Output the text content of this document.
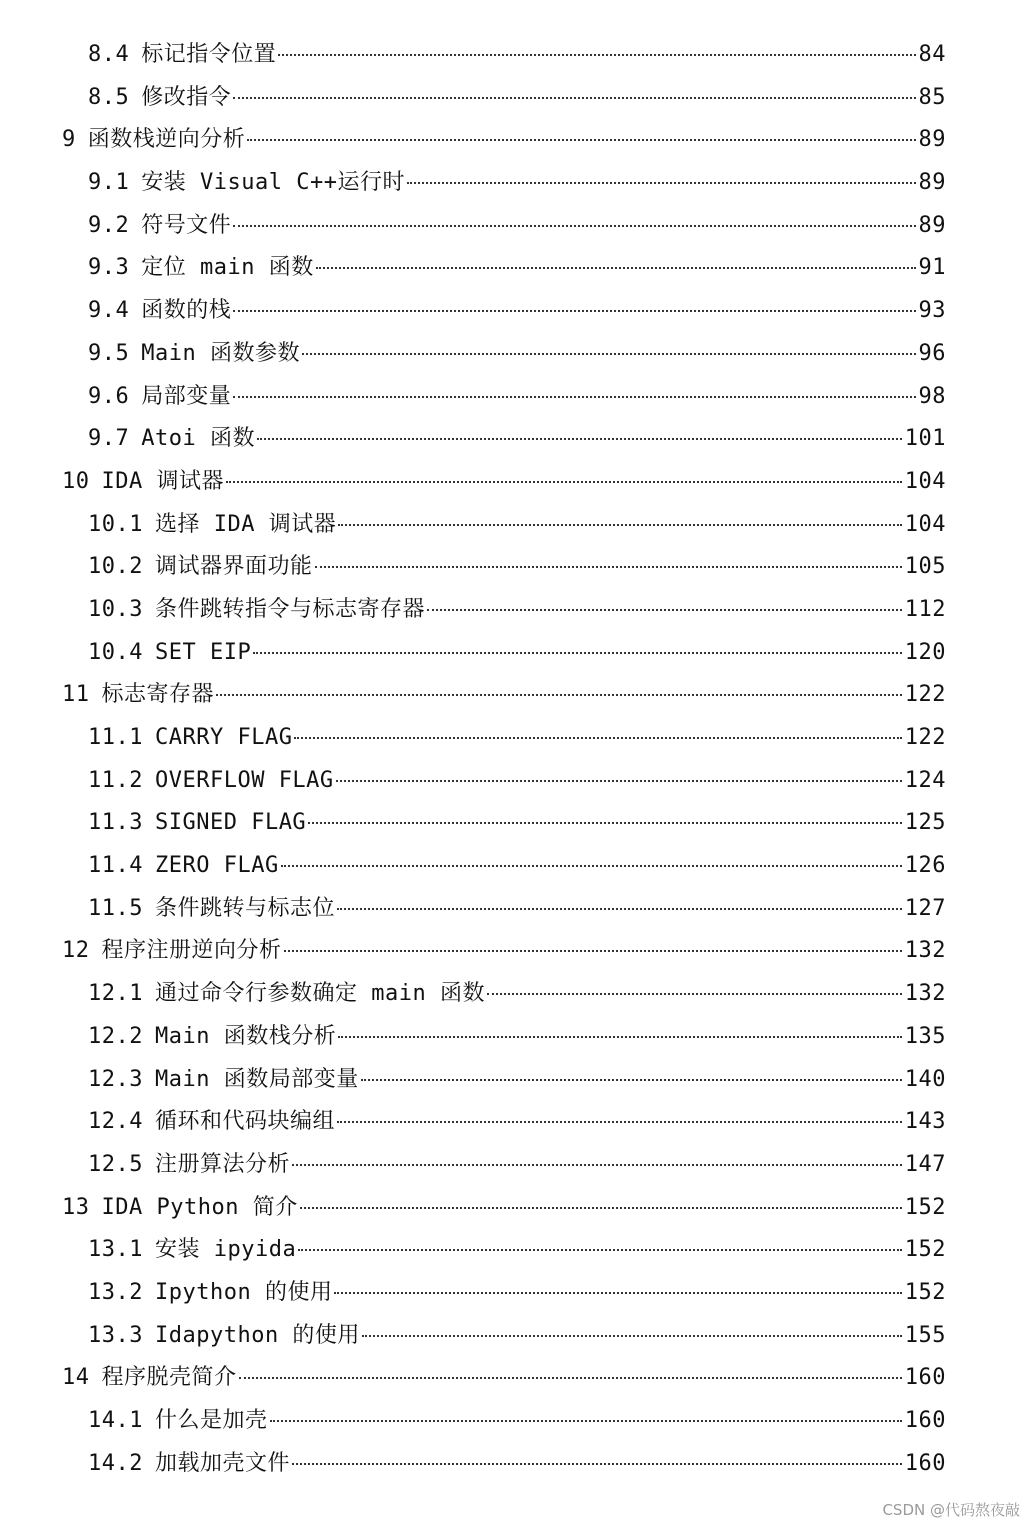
8.4 标记指令位置	84
8.5 修改指令	85
9 函数栈逆向分析	89
9.1 安装 Visual C++运行时	89
9.2 符号文件	89
9.3 定位 main 函数	91
9.4 函数的栈	93
9.5 Main 函数参数	96
9.6 局部变量	98
9.7 Atoi 函数	101
10 IDA 调试器	104
10.1 选择 IDA 调试器	104
10.2 调试器界面功能	105
10.3 条件跳转指令与标志寄存器	112
10.4 SET EIP	120
11 标志寄存器	122
11.1 CARRY FLAG	122
11.2 OVERFLOW FLAG	124
11.3 SIGNED FLAG	125
11.4 ZERO FLAG	126
11.5 条件跳转与标志位	127
12 程序注册逆向分析	132
12.1 通过命令行参数确定 main 函数	132
12.2 Main 函数栈分析	135
12.3 Main 函数局部变量	140
12.4 循环和代码块编组	143
12.5 注册算法分析	147
13 IDA Python 简介	152
13.1 安装 ipyida	152
13.2 Ipython 的使用	152
13.3 Idapython 的使用	155
14 程序脱壳简介	160
14.1 什么是加壳	160
14.2 加载加壳文件	160
CSDN @代码熬夜敲
